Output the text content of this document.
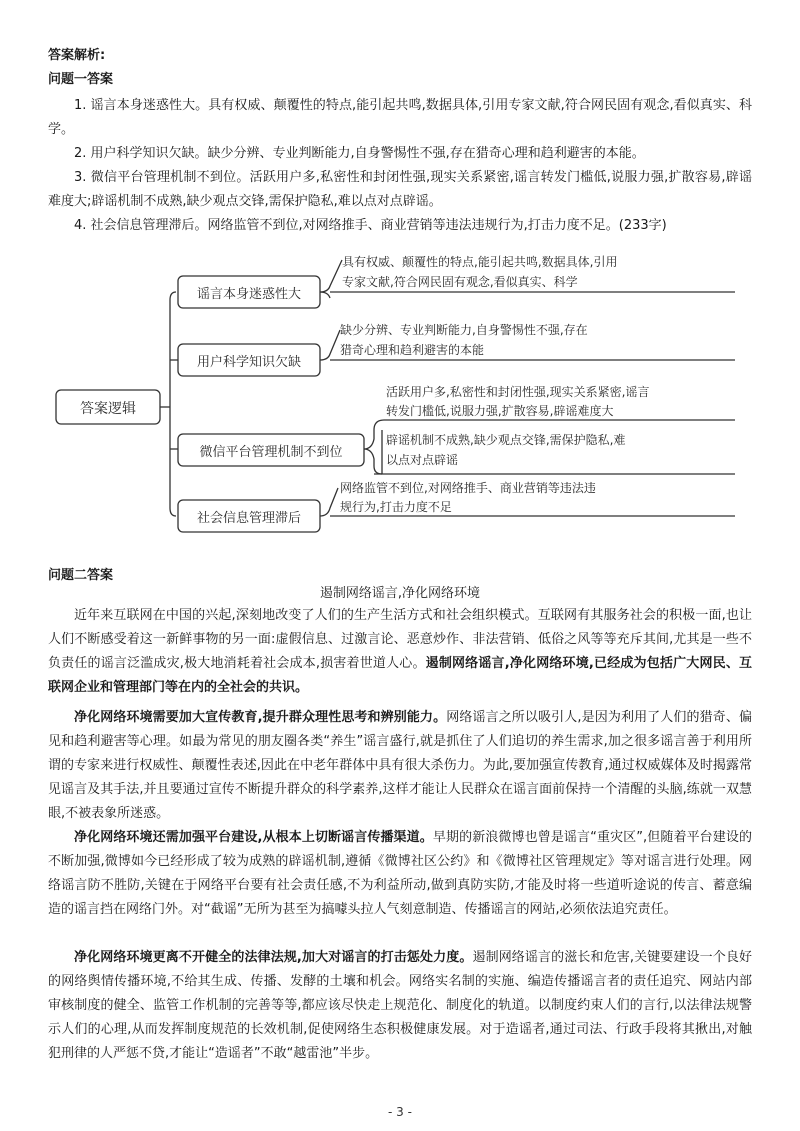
答案解析:

问题一答案

1. 谣言本身迷惑性大。具有权威、颠覆性的特点,能引起共鸣,数据具体,引用专家文献,符合网民固有观念,看似真实、科学。

2. 用户科学知识欠缺。缺少分辨、专业判断能力,自身警惕性不强,存在猎奇心理和趋利避害的本能。

3. 微信平台管理机制不到位。活跃用户多,私密性和封闭性强,现实关系紧密,谣言转发门槛低,说服力强,扩散容易,辟谣难度大;辟谣机制不成熟,缺少观点交锋,需保护隐私,难以点对点辟谣。

4. 社会信息管理滞后。网络监管不到位,对网络推手、商业营销等违法违规行为,打击力度不足。(233字)

答案逻辑
谣言本身迷惑性大
用户科学知识欠缺
微信平台管理机制不到位
社会信息管理滞后
具有权威、颠覆性的特点,能引起共鸣,数据具体,引用
专家文献,符合网民固有观念,看似真实、科学
缺少分辨、专业判断能力,自身警惕性不强,存在
猎奇心理和趋利避害的本能
活跃用户多,私密性和封闭性强,现实关系紧密,谣言
转发门槛低,说服力强,扩散容易,辟谣难度大
辟谣机制不成熟,缺少观点交锋,需保护隐私,难
以点对点辟谣
网络监管不到位,对网络推手、商业营销等违法违
规行为,打击力度不足

问题二答案

遏制网络谣言,净化网络环境

近年来互联网在中国的兴起,深刻地改变了人们的生产生活方式和社会组织模式。互联网有其服务社会的积极一面,也让人们不断感受着这一新鲜事物的另一面:虚假信息、过激言论、恶意炒作、非法营销、低俗之风等等充斥其间,尤其是一些不负责任的谣言泛滥成灾,极大地消耗着社会成本,损害着世道人心。遏制网络谣言,净化网络环境,已经成为包括广大网民、互联网企业和管理部门等在内的全社会的共识。

净化网络环境需要加大宣传教育,提升群众理性思考和辨别能力。网络谣言之所以吸引人,是因为利用了人们的猎奇、偏见和趋利避害等心理。如最为常见的朋友圈各类“养生”谣言盛行,就是抓住了人们追切的养生需求,加之很多谣言善于利用所谓的专家来进行权威性、颠覆性表述,因此在中老年群体中具有很大杀伤力。为此,要加强宣传教育,通过权威媒体及时揭露常见谣言及其手法,并且要通过宣传不断提升群众的科学素养,这样才能让人民群众在谣言面前保持一个清醒的头脑,练就一双慧眼,不被表象所迷惑。

净化网络环境还需加强平台建设,从根本上切断谣言传播渠道。早期的新浪微博也曾是谣言“重灾区”,但随着平台建设的不断加强,微博如今已经形成了较为成熟的辟谣机制,遵循《微博社区公约》和《微博社区管理规定》等对谣言进行处理。网络谣言防不胜防,关键在于网络平台要有社会责任感,不为利益所动,做到真防实防,才能及时将一些道听途说的传言、蓄意编造的谣言挡在网络门外。对“截谣”无所为甚至为搞噱头拉人气刻意制造、传播谣言的网站,必须依法追究责任。

净化网络环境更离不开健全的法律法规,加大对谣言的打击惩处力度。遏制网络谣言的滋长和危害,关键要建设一个良好的网络舆情传播环境,不给其生成、传播、发酵的土壤和机会。网络实名制的实施、编造传播谣言者的责任追究、网站内部审核制度的健全、监管工作机制的完善等等,都应该尽快走上规范化、制度化的轨道。以制度约束人们的言行,以法律法规警示人们的心理,从而发挥制度规范的长效机制,促使网络生态积极健康发展。对于造谣者,通过司法、行政手段将其揪出,对触犯刑律的人严惩不贷,才能让“造谣者”不敢“越雷池”半步。

- 3 -
